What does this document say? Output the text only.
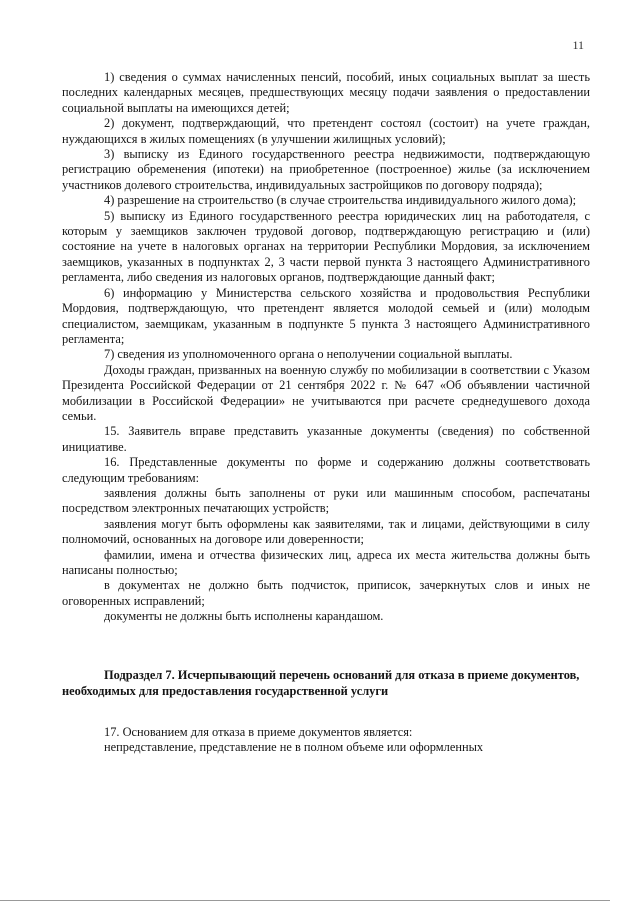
11

1) сведения о суммах начисленных пенсий, пособий, иных социальных выплат за шесть последних календарных месяцев, предшествующих месяцу подачи заявления о предоставлении социальной выплаты на имеющихся детей;

2) документ, подтверждающий, что претендент состоял (состоит) на учете граждан, нуждающихся в жилых помещениях (в улучшении жилищных условий);

3) выписку из Единого государственного реестра недвижимости, подтверждающую регистрацию обременения (ипотеки) на приобретенное (построенное) жилье (за исключением участников долевого строительства, индивидуальных застройщиков по договору подряда);

4) разрешение на строительство (в случае строительства индивидуального жилого дома);

5) выписку из Единого государственного реестра юридических лиц на работодателя, с которым у заемщиков заключен трудовой договор, подтверждающую регистрацию и (или) состояние на учете в налоговых органах на территории Республики Мордовия, за исключением заемщиков, указанных в подпунктах 2, 3 части первой пункта 3 настоящего Административного регламента, либо сведения из налоговых органов, подтверждающие данный факт;

6) информацию у Министерства сельского хозяйства и продовольствия Республики Мордовия, подтверждающую, что претендент является молодой семьей и (или) молодым специалистом, заемщикам, указанным в подпункте 5 пункта 3 настоящего Административного регламента;

7) сведения из уполномоченного органа о неполучении социальной выплаты.

Доходы граждан, призванных на военную службу по мобилизации в соответствии с Указом Президента Российской Федерации от 21 сентября 2022 г. № 647 «Об объявлении частичной мобилизации в Российской Федерации» не учитываются при расчете среднедушевого дохода семьи.

15. Заявитель вправе представить указанные документы (сведения) по собственной инициативе.

16. Представленные документы по форме и содержанию должны соответствовать следующим требованиям:

заявления должны быть заполнены от руки или машинным способом, распечатаны посредством электронных печатающих устройств;

заявления могут быть оформлены как заявителями, так и лицами, действующими в силу полномочий, основанных на договоре или доверенности;

фамилии, имена и отчества физических лиц, адреса их места жительства должны быть написаны полностью;

в документах не должно быть подчисток, приписок, зачеркнутых слов и иных не оговоренных исправлений;

документы не должны быть исполнены карандашом.

Подраздел 7. Исчерпывающий перечень оснований для отказа в приеме документов, необходимых для предоставления государственной услуги

17. Основанием для отказа в приеме документов является:

непредставление, представление не в полном объеме или оформленных
